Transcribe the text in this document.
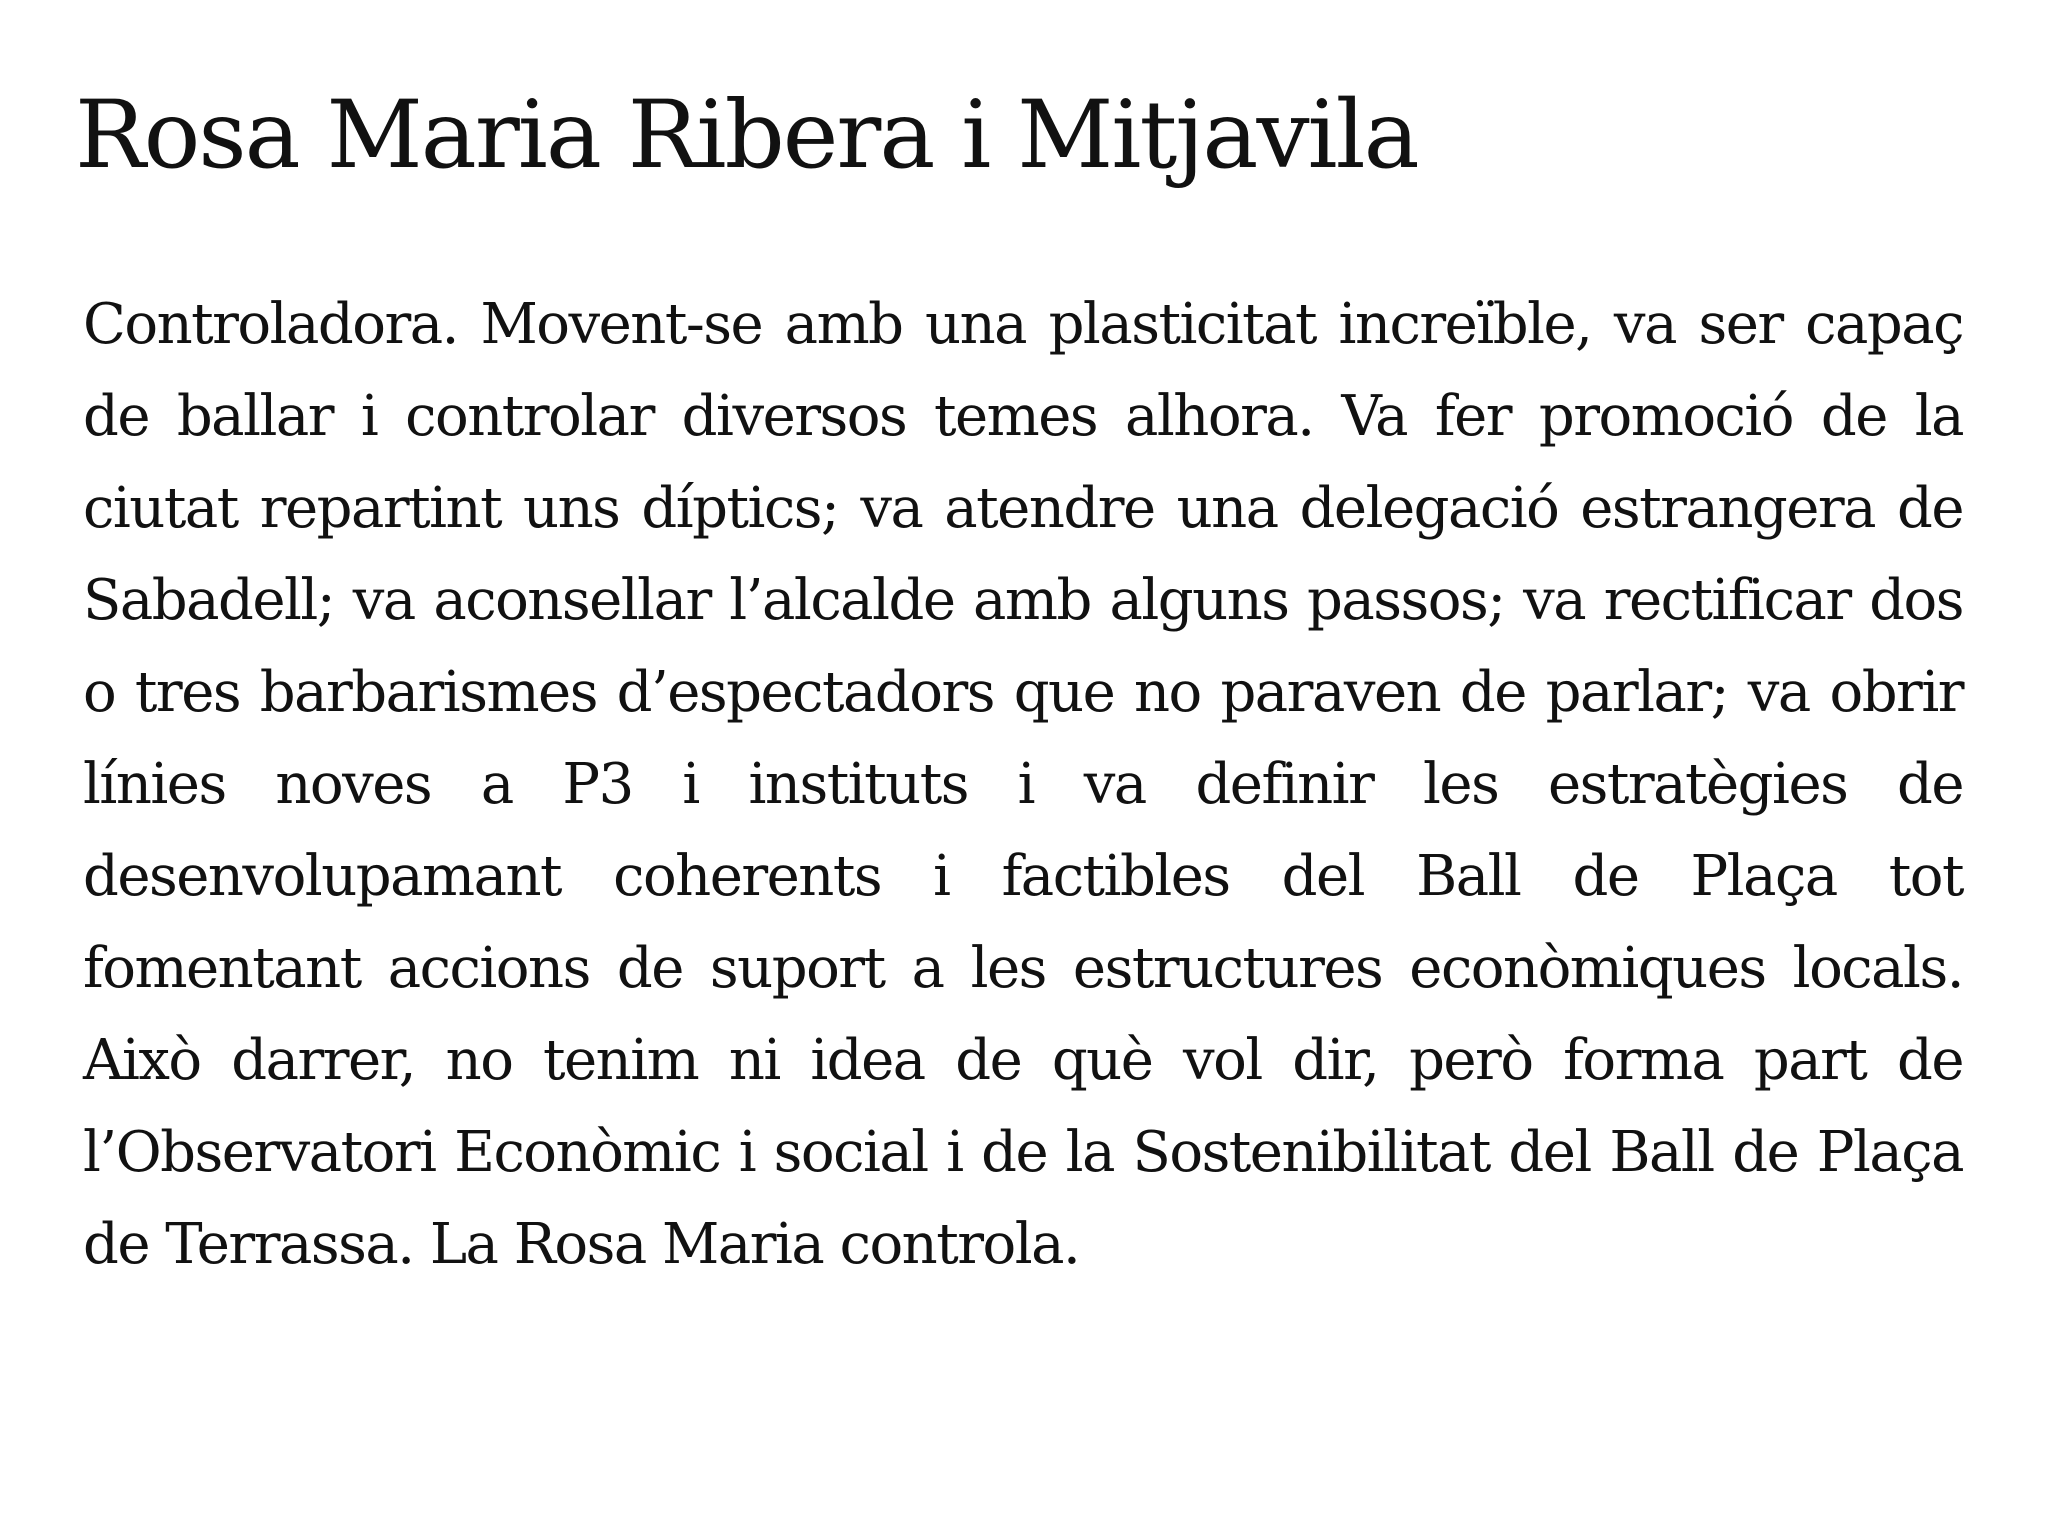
Rosa Maria Ribera i Mitjavila

Controladora. Movent-se amb una plasticitat increïble, va ser capaç de ballar i controlar diversos temes alhora. Va fer promoció de la ciutat repartint uns díptics; va atendre una delegació estrangera de Sabadell; va aconsellar l’alcalde amb alguns passos; va rectificar dos o tres barbarismes d’espectadors que no paraven de parlar; va obrir línies noves a P3 i instituts i va definir les estratègies de desenvolupamant coherents i factibles del Ball de Plaça tot fomentant accions de suport a les estructures econòmiques locals. Això darrer, no tenim ni idea de què vol dir, però forma part de l’Observatori Econòmic i social i de la Sostenibilitat del Ball de Plaça de Terrassa. La Rosa Maria controla.
